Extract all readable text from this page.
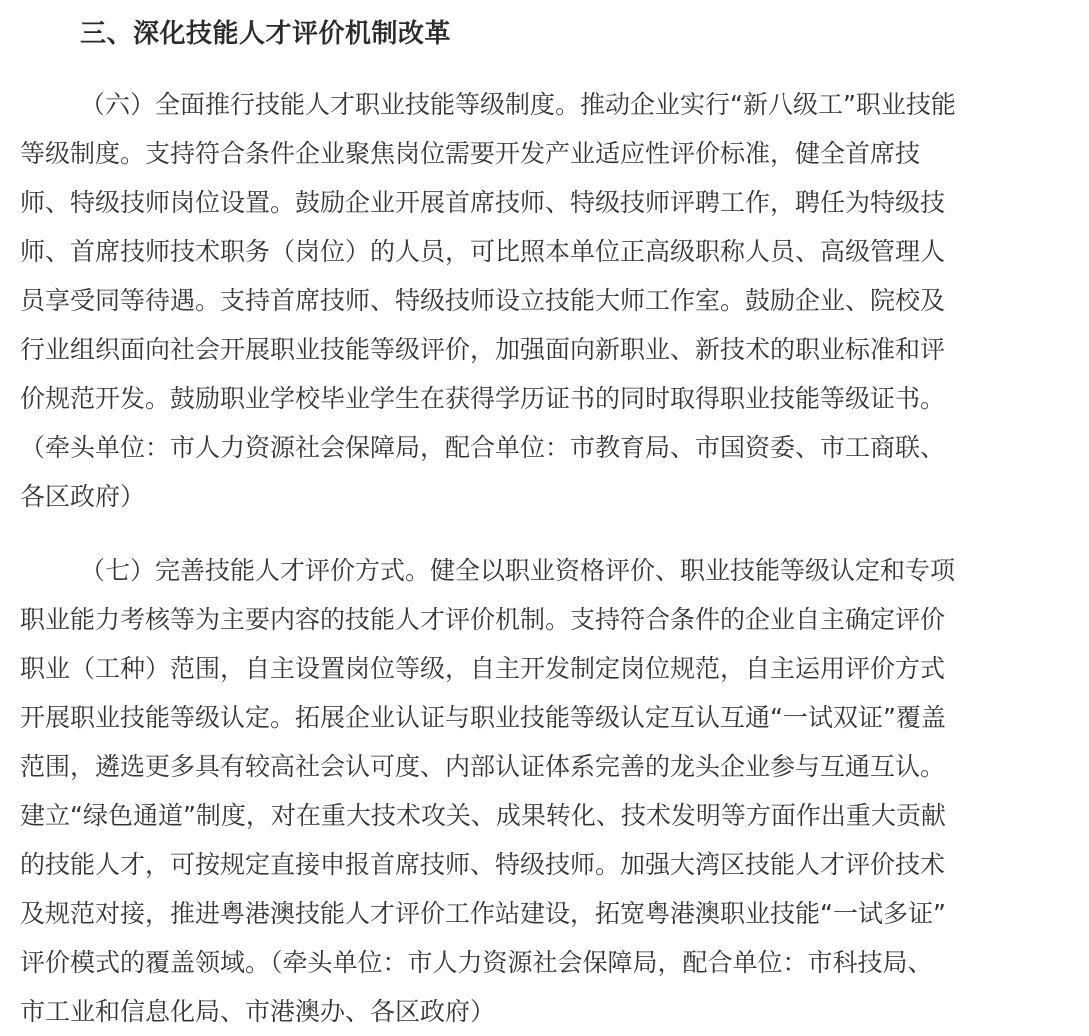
三、深化技能人才评价机制改革
（六）全面推行技能人才职业技能等级制度。推动企业实行“新八级工”职业技能
等级制度。支持符合条件企业聚焦岗位需要开发产业适应性评价标准，健全首席技
师、特级技师岗位设置。鼓励企业开展首席技师、特级技师评聘工作，聘任为特级技
师、首席技师技术职务（岗位）的人员，可比照本单位正高级职称人员、高级管理人
员享受同等待遇。支持首席技师、特级技师设立技能大师工作室。鼓励企业、院校及
行业组织面向社会开展职业技能等级评价，加强面向新职业、新技术的职业标准和评
价规范开发。鼓励职业学校毕业学生在获得学历证书的同时取得职业技能等级证书。
（牵头单位：市人力资源社会保障局，配合单位：市教育局、市国资委、市工商联、
各区政府）
（七）完善技能人才评价方式。健全以职业资格评价、职业技能等级认定和专项
职业能力考核等为主要内容的技能人才评价机制。支持符合条件的企业自主确定评价
职业（工种）范围，自主设置岗位等级，自主开发制定岗位规范，自主运用评价方式
开展职业技能等级认定。拓展企业认证与职业技能等级认定互认互通“一试双证”覆盖
范围，遴选更多具有较高社会认可度、内部认证体系完善的龙头企业参与互通互认。
建立“绿色通道”制度，对在重大技术攻关、成果转化、技术发明等方面作出重大贡献
的技能人才，可按规定直接申报首席技师、特级技师。加强大湾区技能人才评价技术
及规范对接，推进粤港澳技能人才评价工作站建设，拓宽粤港澳职业技能“一试多证”
评价模式的覆盖领域。（牵头单位：市人力资源社会保障局，配合单位：市科技局、
市工业和信息化局、市港澳办、各区政府）
